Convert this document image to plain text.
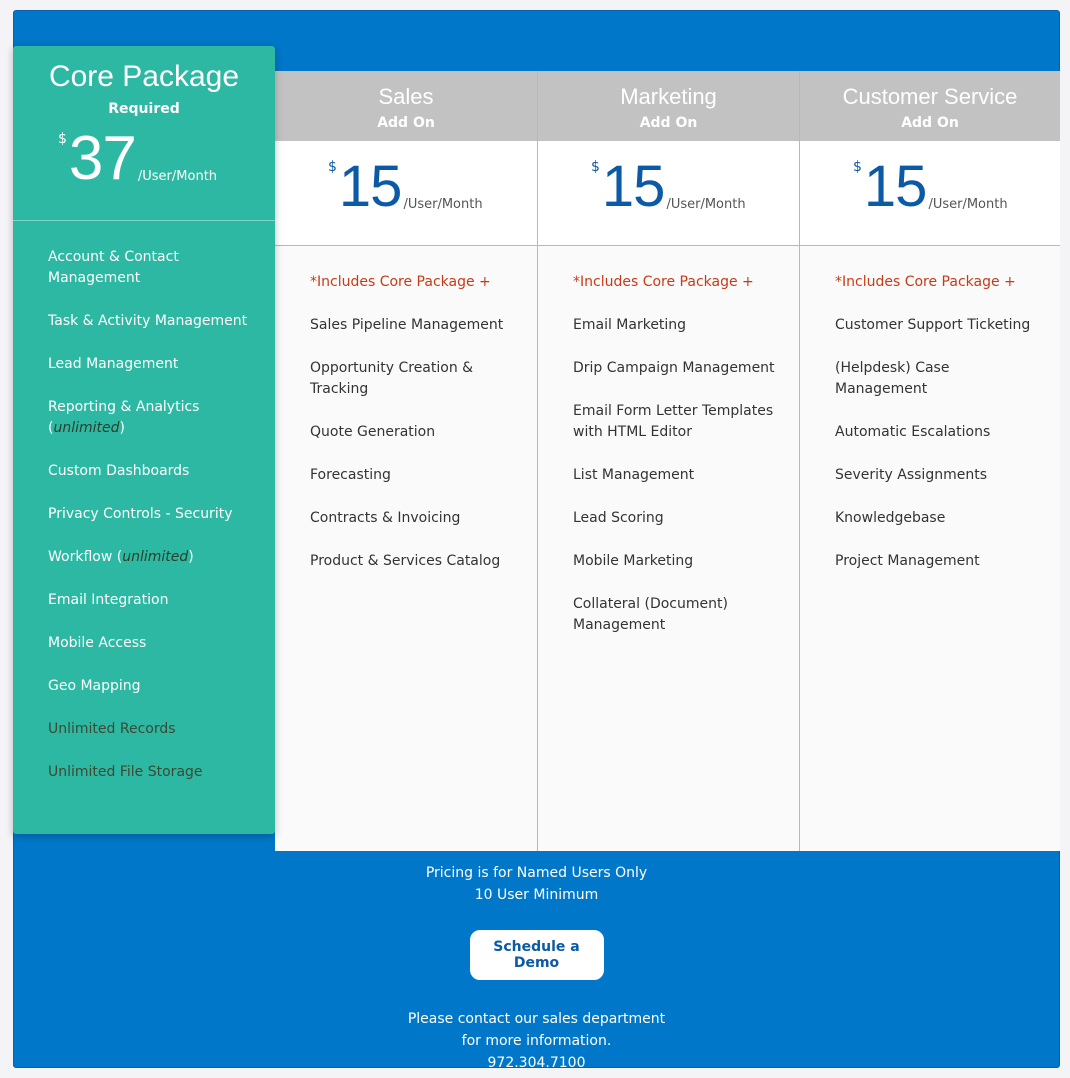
Sales
Add On
$ 15 /User/Month
*Includes Core Package +
Sales Pipeline Management
Opportunity Creation & Tracking
Quote Generation
Forecasting
Contracts & Invoicing
Product & Services Catalog
Marketing
Add On
$ 15 /User/Month
*Includes Core Package +
Email Marketing
Drip Campaign Management
Email Form Letter Templates with HTML Editor
List Management
Lead Scoring
Mobile Marketing
Collateral (Document) Management
Customer Service
Add On
$ 15 /User/Month
*Includes Core Package +
Customer Support Ticketing
(Helpdesk) Case Management
Automatic Escalations
Severity Assignments
Knowledgebase
Project Management
Core Package
Required
$ 37 /User/Month
Account & Contact Management
Task & Activity Management
Lead Management
Reporting & Analytics
(unlimited)
Custom Dashboards
Privacy Controls - Security
Workflow (unlimited)
Email Integration
Mobile Access
Geo Mapping
Unlimited Records
Unlimited File Storage
Pricing is for Named Users Only
10 User Minimum
Schedule a Demo
Please contact our sales department
for more information.
972.304.7100
